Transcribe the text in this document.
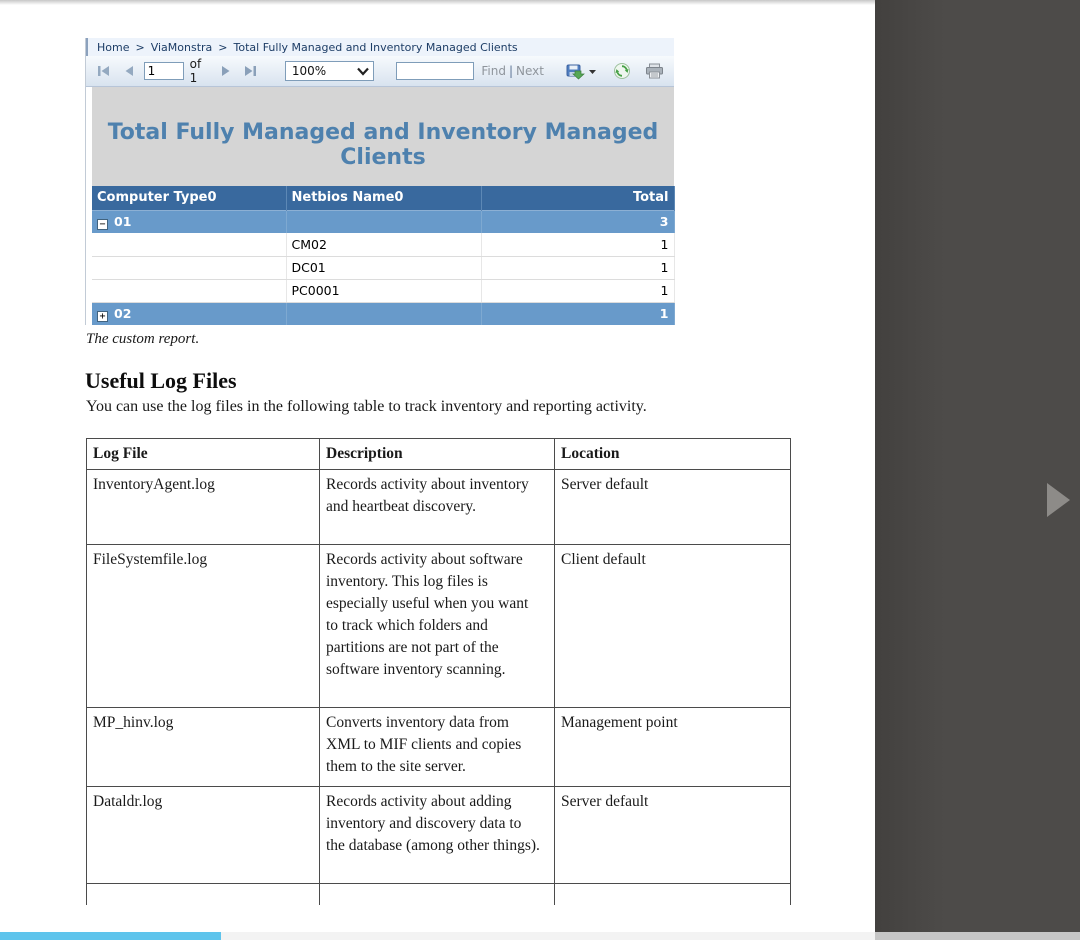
Home > ViaMonstra > Total Fully Managed and Inventory Managed Clients
1
of 1	100%	Find | Next
Total Fully Managed and Inventory Managed Clients
Computer Type0	Netbios Name0	Total
− 01		3
	CM02	1
	DC01	1
	PC0001	1
+ 02		1
The custom report.
Useful Log Files
You can use the log files in the following table to track inventory and reporting activity.
Log File	Description	Location
InventoryAgent.log	Records activity about inventory and heartbeat discovery.	Server default
FileSystemfile.log	Records activity about software inventory. This log files is especially useful when you want to track which folders and partitions are not part of the software inventory scanning.	Client default
MP_hinv.log	Converts inventory data from XML to MIF clients and copies them to the site server.	Management point
Dataldr.log	Records activity about adding inventory and discovery data to the database (among other things).	Server default
